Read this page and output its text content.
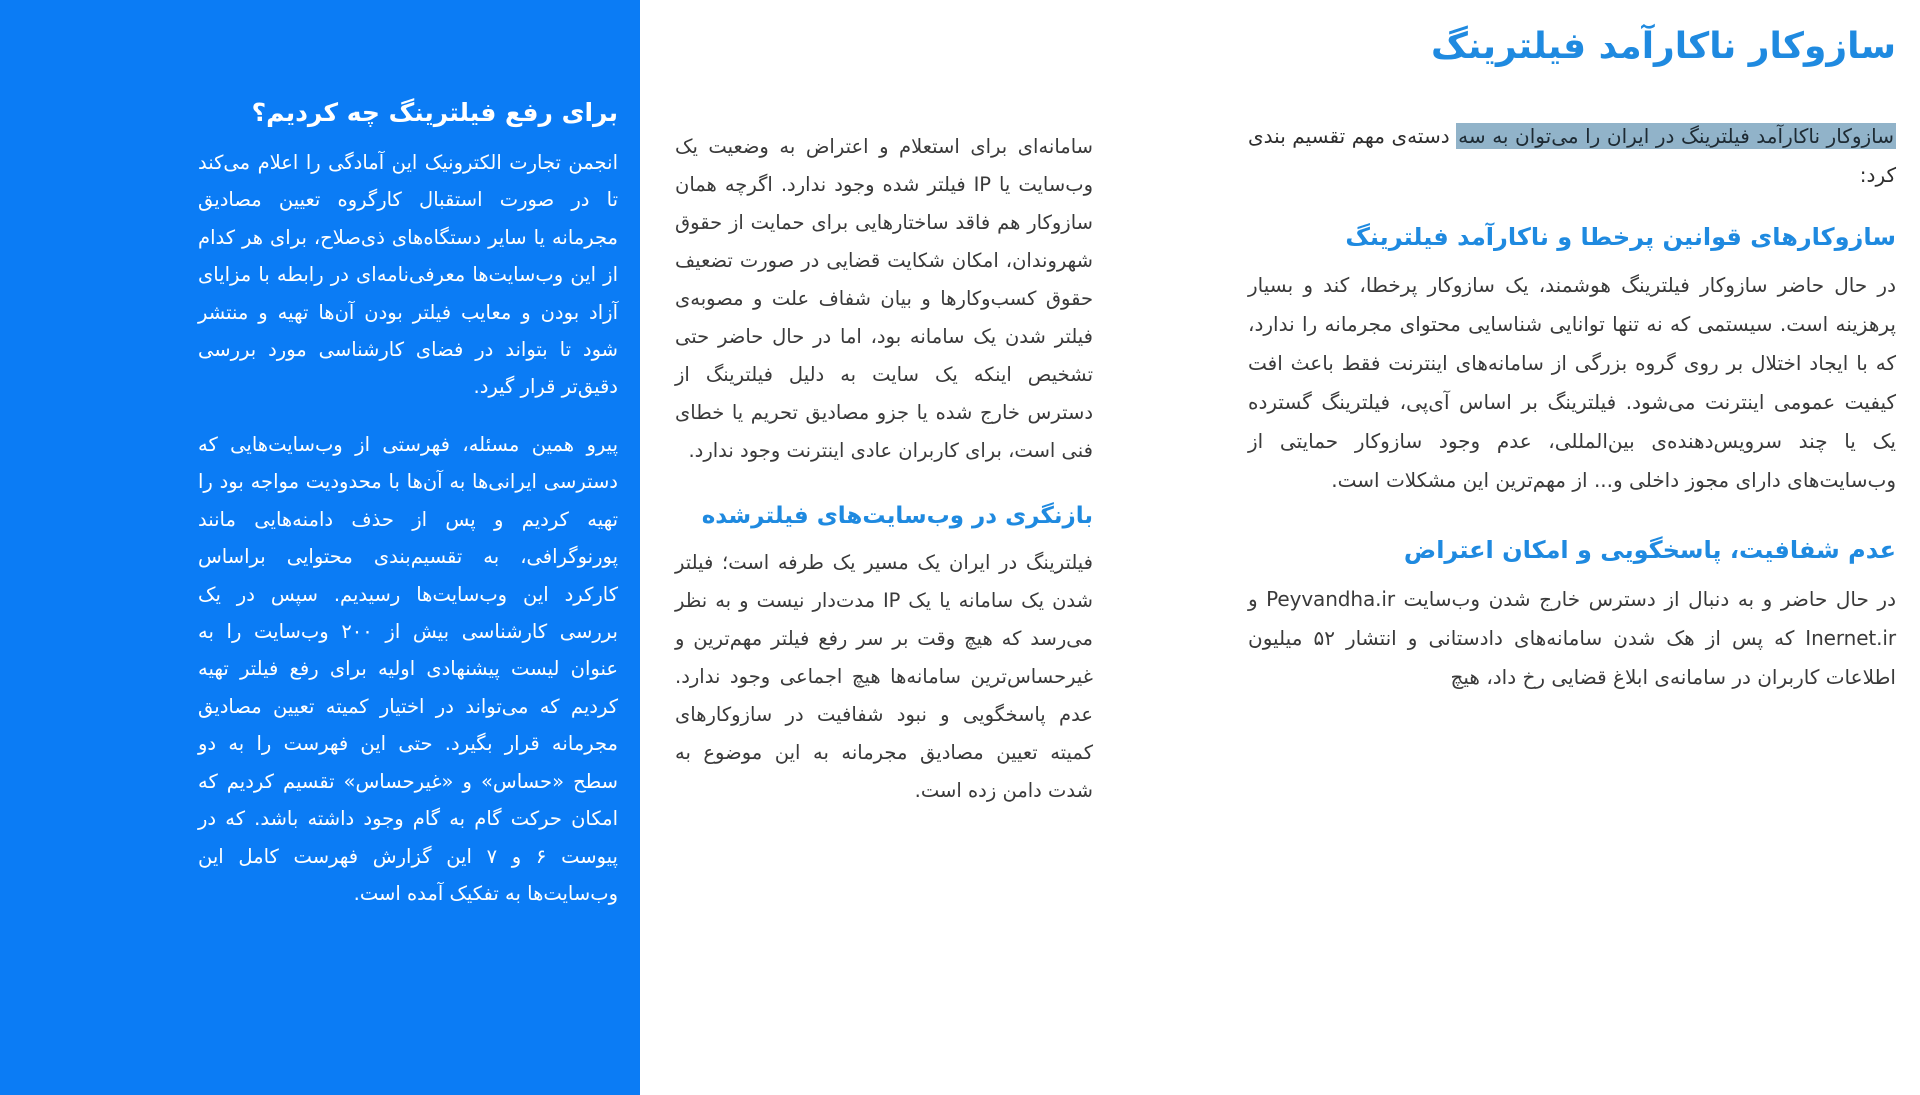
برای رفع فیلترینگ چه کردیم؟

انجمن تجارت الکترونیک این آمادگی را اعلام می‌کند تا در صورت استقبال کارگروه تعیین مصادیق مجرمانه یا سایر دستگاه‌های ذی‌صلاح، برای هر کدام از این وب‌سایت‌ها معرفی‌نامه‌ای در رابطه با مزایای آزاد بودن و معایب فیلتر بودن آن‌ها تهیه و منتشر شود تا بتواند در فضای کارشناسی مورد بررسی دقیق‌تر قرار گیرد.

پیرو همین مسئله، فهرستی از وب‌سایت‌هایی که دسترسی ایرانی‌ها به آن‌ها با محدودیت مواجه بود را تهیه کردیم و پس از حذف دامنه‌هایی مانند پورنوگرافی، به تقسیم‌بندی محتوایی براساس کارکرد این وب‌سایت‌ها رسیدیم. سپس در یک بررسی کارشناسی بیش از ۲۰۰ وب‌سایت را به عنوان لیست پیشنهادی اولیه برای رفع فیلتر تهیه کردیم که می‌تواند در اختیار کمیته تعیین مصادیق مجرمانه قرار بگیرد. حتی این فهرست را به دو سطح «حساس» و «غیرحساس» تقسیم کردیم که امکان حرکت گام به گام وجود داشته باشد. که در پیوست ۶ و ۷ این گزارش فهرست کامل این وب‌سایت‌ها به تفکیک آمده است.

سامانه‌ای برای استعلام و اعتراض به وضعیت یک وب‌سایت یا IP فیلتر شده وجود ندارد. اگرچه همان سازوکار هم فاقد ساختارهایی برای حمایت از حقوق شهروندان، امکان شکایت قضایی در صورت تضعیف حقوق کسب‌وکارها و بیان شفاف علت و مصوبه‌ی فیلتر شدن یک سامانه بود، اما در حال حاضر حتی تشخیص اینکه یک سایت به دلیل فیلترینگ از دسترس خارج شده یا جزو مصادیق تحریم یا خطای فنی است، برای کاربران عادی اینترنت وجود ندارد.

بازنگری در وب‌سایت‌های فیلترشده

فیلترینگ در ایران یک مسیر یک طرفه است؛ فیلتر شدن یک سامانه یا یک IP مدت‌دار نیست و به نظر می‌رسد که هیچ وقت بر سر رفع فیلتر مهم‌ترین و غیرحساس‌ترین سامانه‌ها هیچ اجماعی وجود ندارد. عدم پاسخگویی و نبود شفافیت در سازوکارهای کمیته تعیین مصادیق مجرمانه به این موضوع به شدت دامن زده است.

سازوکار ناکارآمد فیلترینگ

سازوکار ناکارآمد فیلترینگ در ایران را می‌توان به سه دسته‌ی مهم تقسیم بندی کرد:

سازوکارهای قوانین پرخطا و ناکارآمد فیلترینگ

در حال حاضر سازوکار فیلترینگ هوشمند، یک سازوکار پرخطا، کند و بسیار پرهزینه است. سیستمی که نه تنها توانایی شناسایی محتوای مجرمانه را ندارد، که با ایجاد اختلال بر روی گروه بزرگی از سامانه‌های اینترنت فقط باعث افت کیفیت عمومی اینترنت می‌شود. فیلترینگ بر اساس آی‌پی، فیلترینگ گسترده یک یا چند سرویس‌دهنده‌ی بین‌المللی، عدم وجود سازوکار حمایتی از وب‌سایت‌های دارای مجوز داخلی و... از مهم‌ترین این مشکلات است.

عدم شفافیت، پاسخگویی و امکان اعتراض

در حال حاضر و به دنبال از دسترس خارج شدن وب‌سایت Peyvandha.ir و Inernet.ir که پس از هک شدن سامانه‌های دادستانی و انتشار ۵۲ میلیون اطلاعات کاربران در سامانه‌ی ابلاغ قضایی رخ داد، هیچ
